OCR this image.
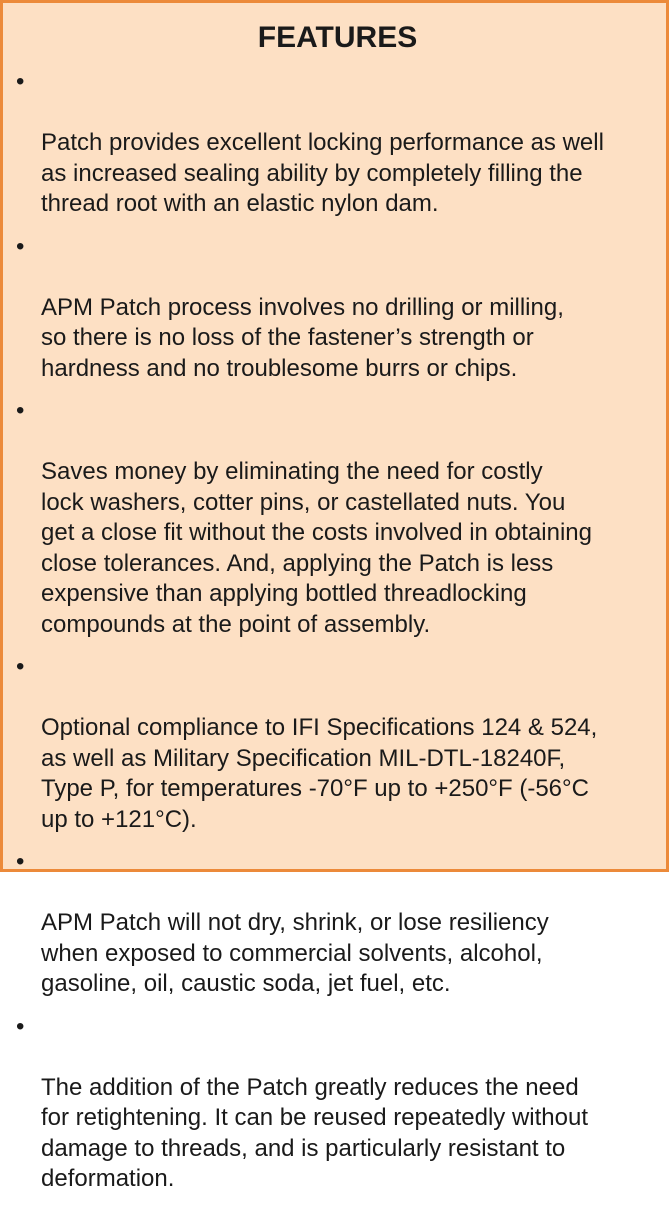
FEATURES

•

Patch provides excellent locking performance as well
as increased sealing ability by completely filling the
thread root with an elastic nylon dam.

•

APM Patch process involves no drilling or milling,
so there is no loss of the fastener’s strength or
hardness and no troublesome burrs or chips.

•

Saves money by eliminating the need for costly
lock washers, cotter pins, or castellated nuts. You
get a close fit without the costs involved in obtaining
close tolerances. And, applying the Patch is less
expensive than applying bottled threadlocking
compounds at the point of assembly.

•

Optional compliance to IFI Specifications 124 & 524,
as well as Military Specification MIL-DTL-18240F,
Type P, for temperatures -70°F up to +250°F (-56°C
up to +121°C).

•

APM Patch will not dry, shrink, or lose resiliency
when exposed to commercial solvents, alcohol,
gasoline, oil, caustic soda, jet fuel, etc.

•

The addition of the Patch greatly reduces the need
for retightening. It can be reused repeatedly without
damage to threads, and is particularly resistant to
deformation.
